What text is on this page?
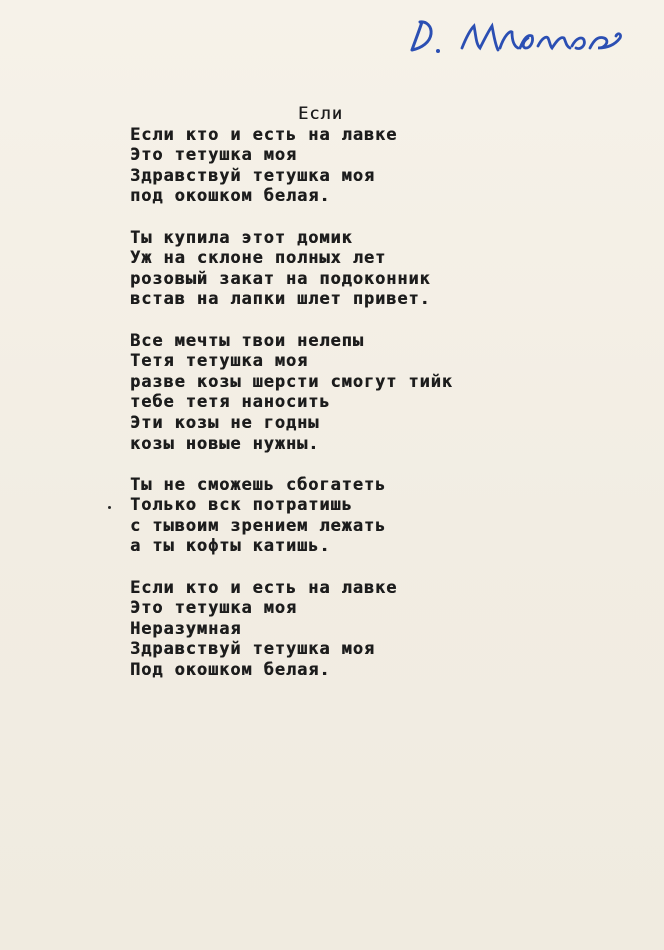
Если
Если кто и есть на лавке
Это тетушка моя
Здравствуй тетушка моя
под окошком белая.
Ты купила этот домик
Уж на склоне полных лет
розовый закат на подоконник
встав на лапки шлет привет.
Все мечты твои нелепы
Тетя тетушка моя
разве козы шерсти смогут тийк
тебе тетя наносить
Эти козы не годны
козы новые нужны.
Ты не сможешь сбогатеть
Только вск потратишь
с тывоим зрением лежать
а ты кофты катишь.
Если кто и есть на лавке
Это тетушка моя
Неразумная
Здравствуй тетушка моя
Под окошком белая.
